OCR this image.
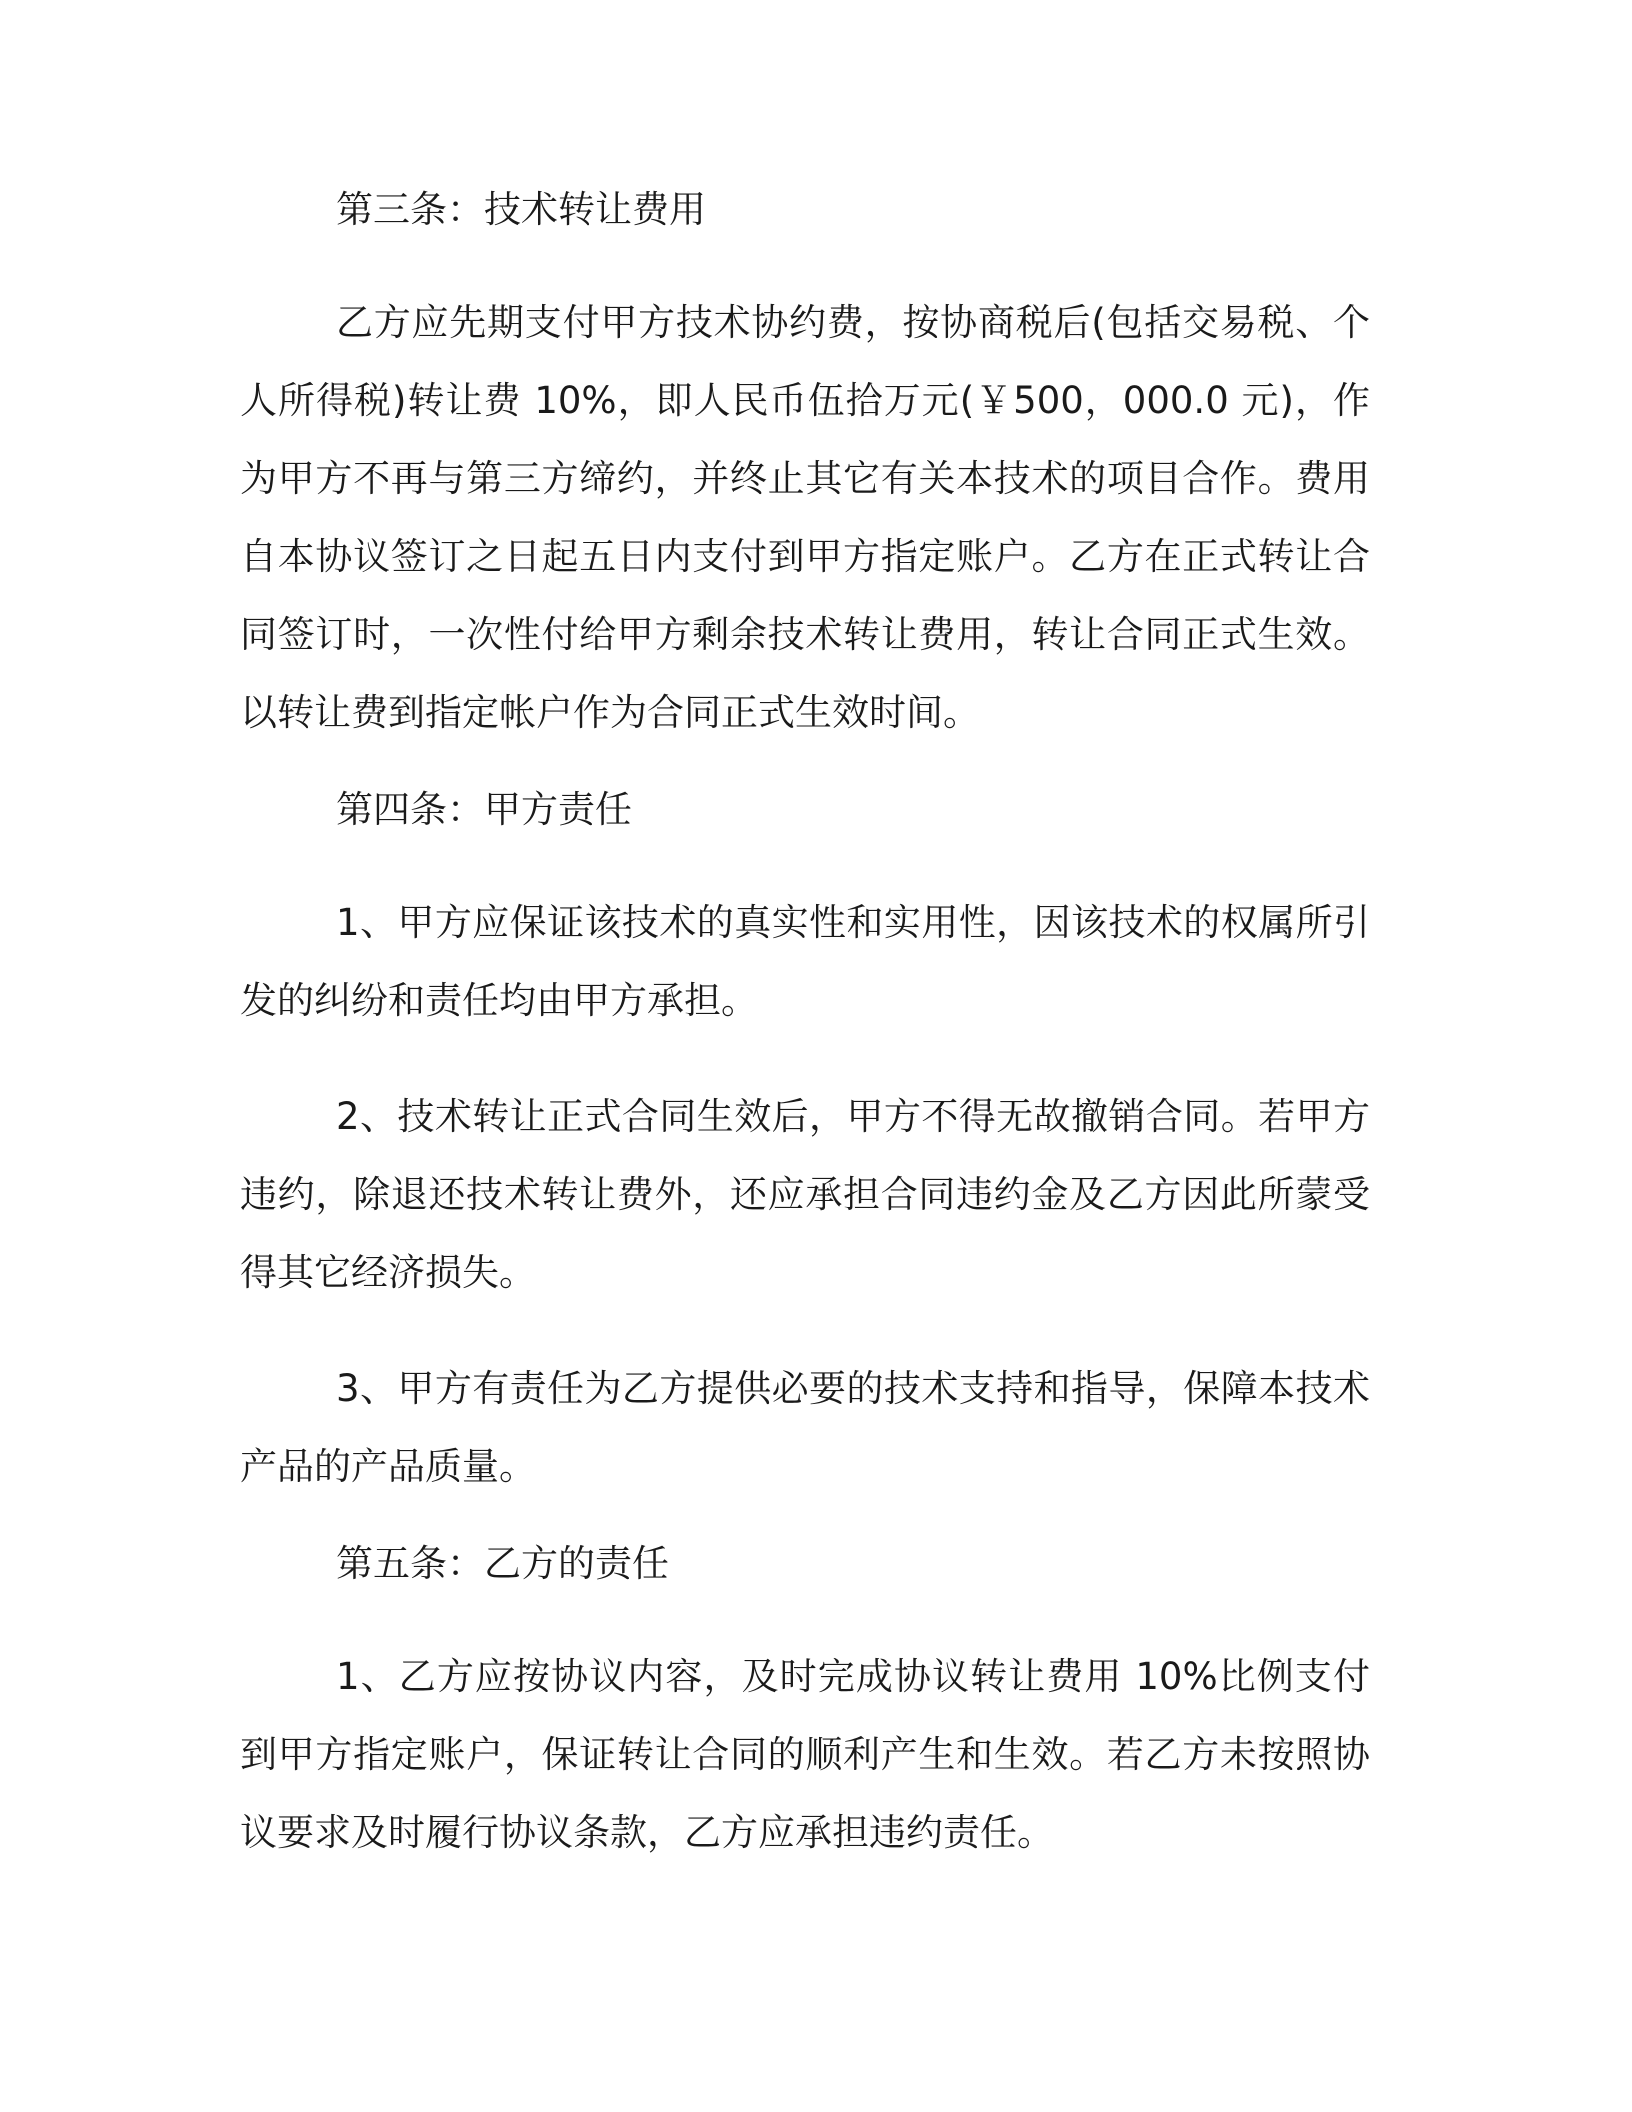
第三条：技术转让费用

乙方应先期支付甲方技术协约费，按协商税后(包括交易税、个人所得税)转让费 10%，即人民币伍拾万元(￥500，000.0 元)，作为甲方不再与第三方缔约，并终止其它有关本技术的项目合作。费用自本协议签订之日起五日内支付到甲方指定账户。乙方在正式转让合同签订时，一次性付给甲方剩余技术转让费用，转让合同正式生效。以转让费到指定帐户作为合同正式生效时间。

第四条：甲方责任

1、甲方应保证该技术的真实性和实用性，因该技术的权属所引发的纠纷和责任均由甲方承担。

2、技术转让正式合同生效后，甲方不得无故撤销合同。若甲方违约，除退还技术转让费外，还应承担合同违约金及乙方因此所蒙受得其它经济损失。

3、甲方有责任为乙方提供必要的技术支持和指导，保障本技术产品的产品质量。

第五条：乙方的责任

1、乙方应按协议内容，及时完成协议转让费用 10%比例支付到甲方指定账户，保证转让合同的顺利产生和生效。若乙方未按照协议要求及时履行协议条款，乙方应承担违约责任。
